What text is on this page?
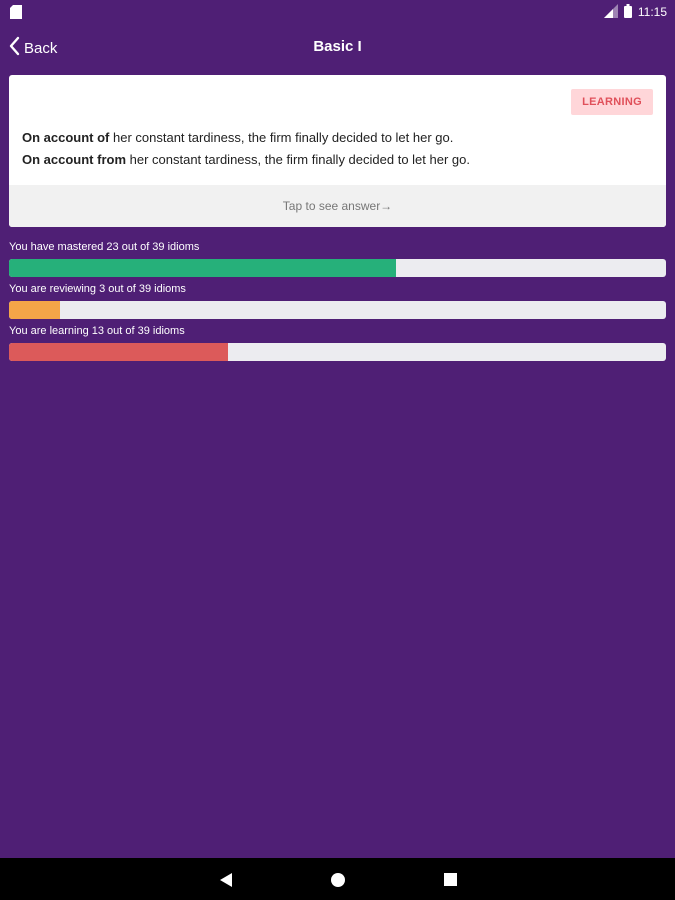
11:15
Back	Basic I
LEARNING
On account of her constant tardiness, the firm finally decided to let her go.
On account from her constant tardiness, the firm finally decided to let her go.
Tap to see answer→
You have mastered 23 out of 39 idioms
You are reviewing 3 out of 39 idioms
You are learning 13 out of 39 idioms
